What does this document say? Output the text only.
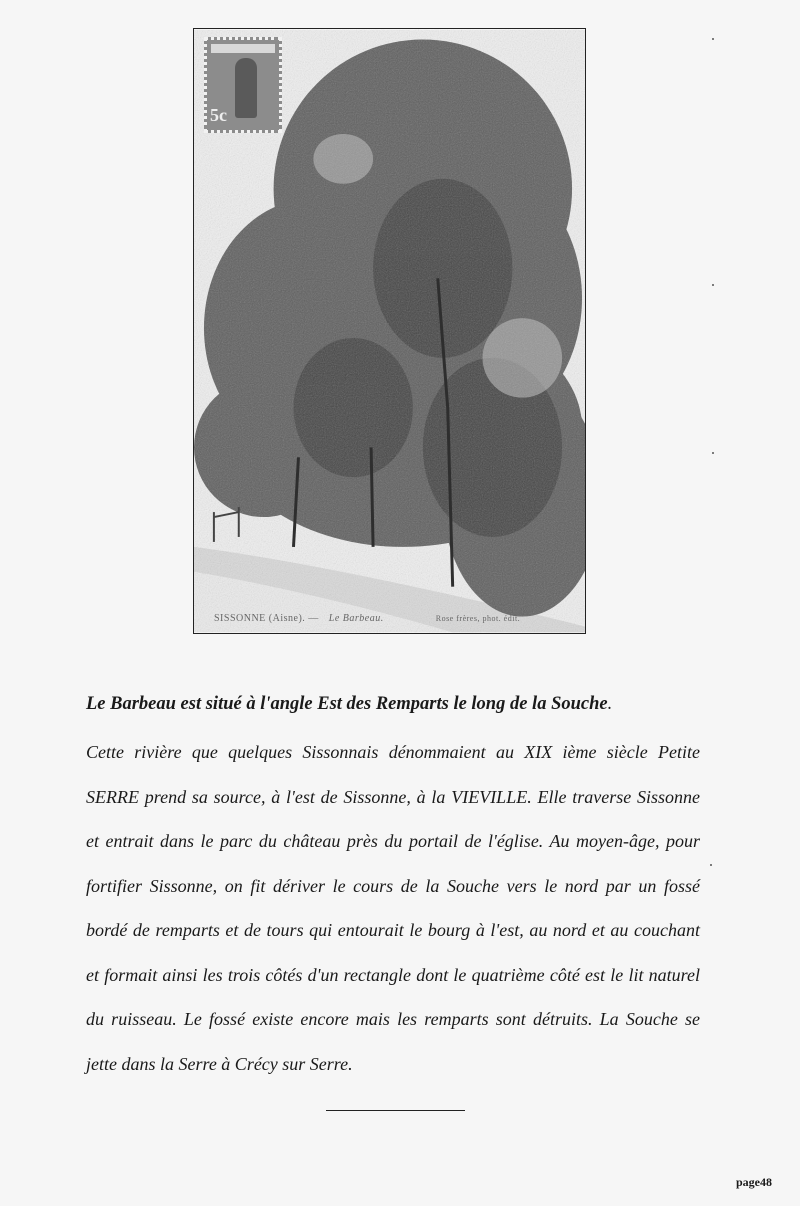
5c
SISSONNE (Aisne). — Le Barbeau.	Rose frères, phot. édit.

Le Barbeau est situé à l'angle Est des Remparts le long de la Souche.

Cette rivière que quelques Sissonnais dénommaient au XIX ième siècle Petite
SERRE prend sa source, à l'est de Sissonne, à la VIEVILLE. Elle traverse Sissonne
et entrait dans le parc du château près du portail de l'église. Au moyen-âge, pour
fortifier Sissonne, on fit dériver le cours de la Souche vers le nord par un fossé
bordé de remparts et de tours qui entourait le bourg à l'est, au nord et au couchant
et formait ainsi les trois côtés d'un rectangle dont le quatrième côté est le lit naturel
du ruisseau. Le fossé existe encore mais les remparts sont détruits. La Souche se
jette dans la Serre à Crécy sur Serre.

page48
